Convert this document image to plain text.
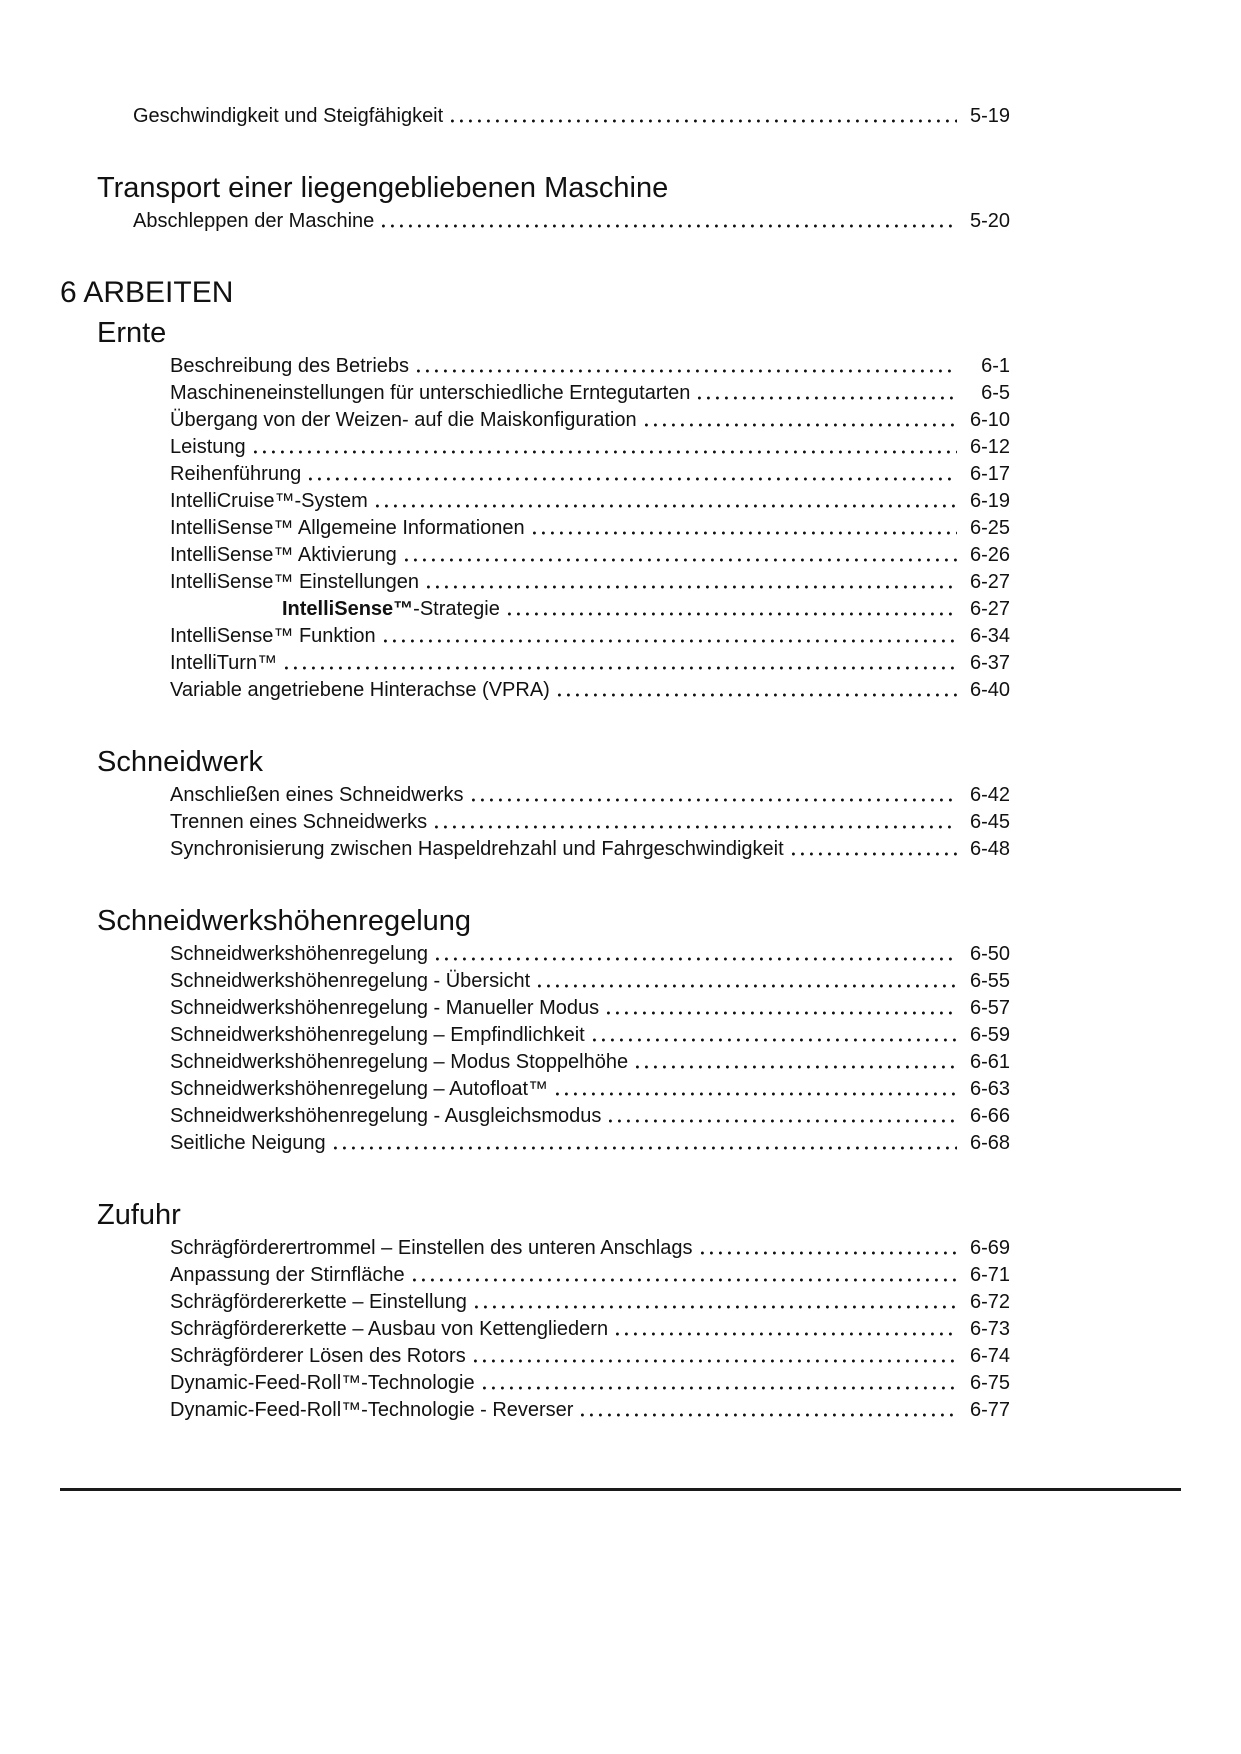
Geschwindigkeit und Steigfähigkeit	5-19
Transport einer liegengebliebenen Maschine
Abschleppen der Maschine	5-20
6 ARBEITEN
Ernte
Beschreibung des Betriebs	6-1
Maschineneinstellungen für unterschiedliche Erntegutarten	6-5
Übergang von der Weizen- auf die Maiskonfiguration	6-10
Leistung	6-12
Reihenführung	6-17
IntelliCruise™-System	6-19
IntelliSense™ Allgemeine Informationen	6-25
IntelliSense™ Aktivierung	6-26
IntelliSense™ Einstellungen	6-27
IntelliSense™-Strategie	6-27
IntelliSense™ Funktion	6-34
IntelliTurn™	6-37
Variable angetriebene Hinterachse (VPRA)	6-40
Schneidwerk
Anschließen eines Schneidwerks	6-42
Trennen eines Schneidwerks	6-45
Synchronisierung zwischen Haspeldrehzahl und Fahrgeschwindigkeit	6-48
Schneidwerkshöhenregelung
Schneidwerkshöhenregelung	6-50
Schneidwerkshöhenregelung - Übersicht	6-55
Schneidwerkshöhenregelung - Manueller Modus	6-57
Schneidwerkshöhenregelung – Empfindlichkeit	6-59
Schneidwerkshöhenregelung – Modus Stoppelhöhe	6-61
Schneidwerkshöhenregelung – Autofloat™	6-63
Schneidwerkshöhenregelung - Ausgleichsmodus	6-66
Seitliche Neigung	6-68
Zufuhr
Schrägförderertrommel – Einstellen des unteren Anschlags	6-69
Anpassung der Stirnfläche	6-71
Schrägfördererkette – Einstellung	6-72
Schrägfördererkette – Ausbau von Kettengliedern	6-73
Schrägförderer Lösen des Rotors	6-74
Dynamic-Feed-Roll™-Technologie	6-75
Dynamic-Feed-Roll™-Technologie - Reverser	6-77
